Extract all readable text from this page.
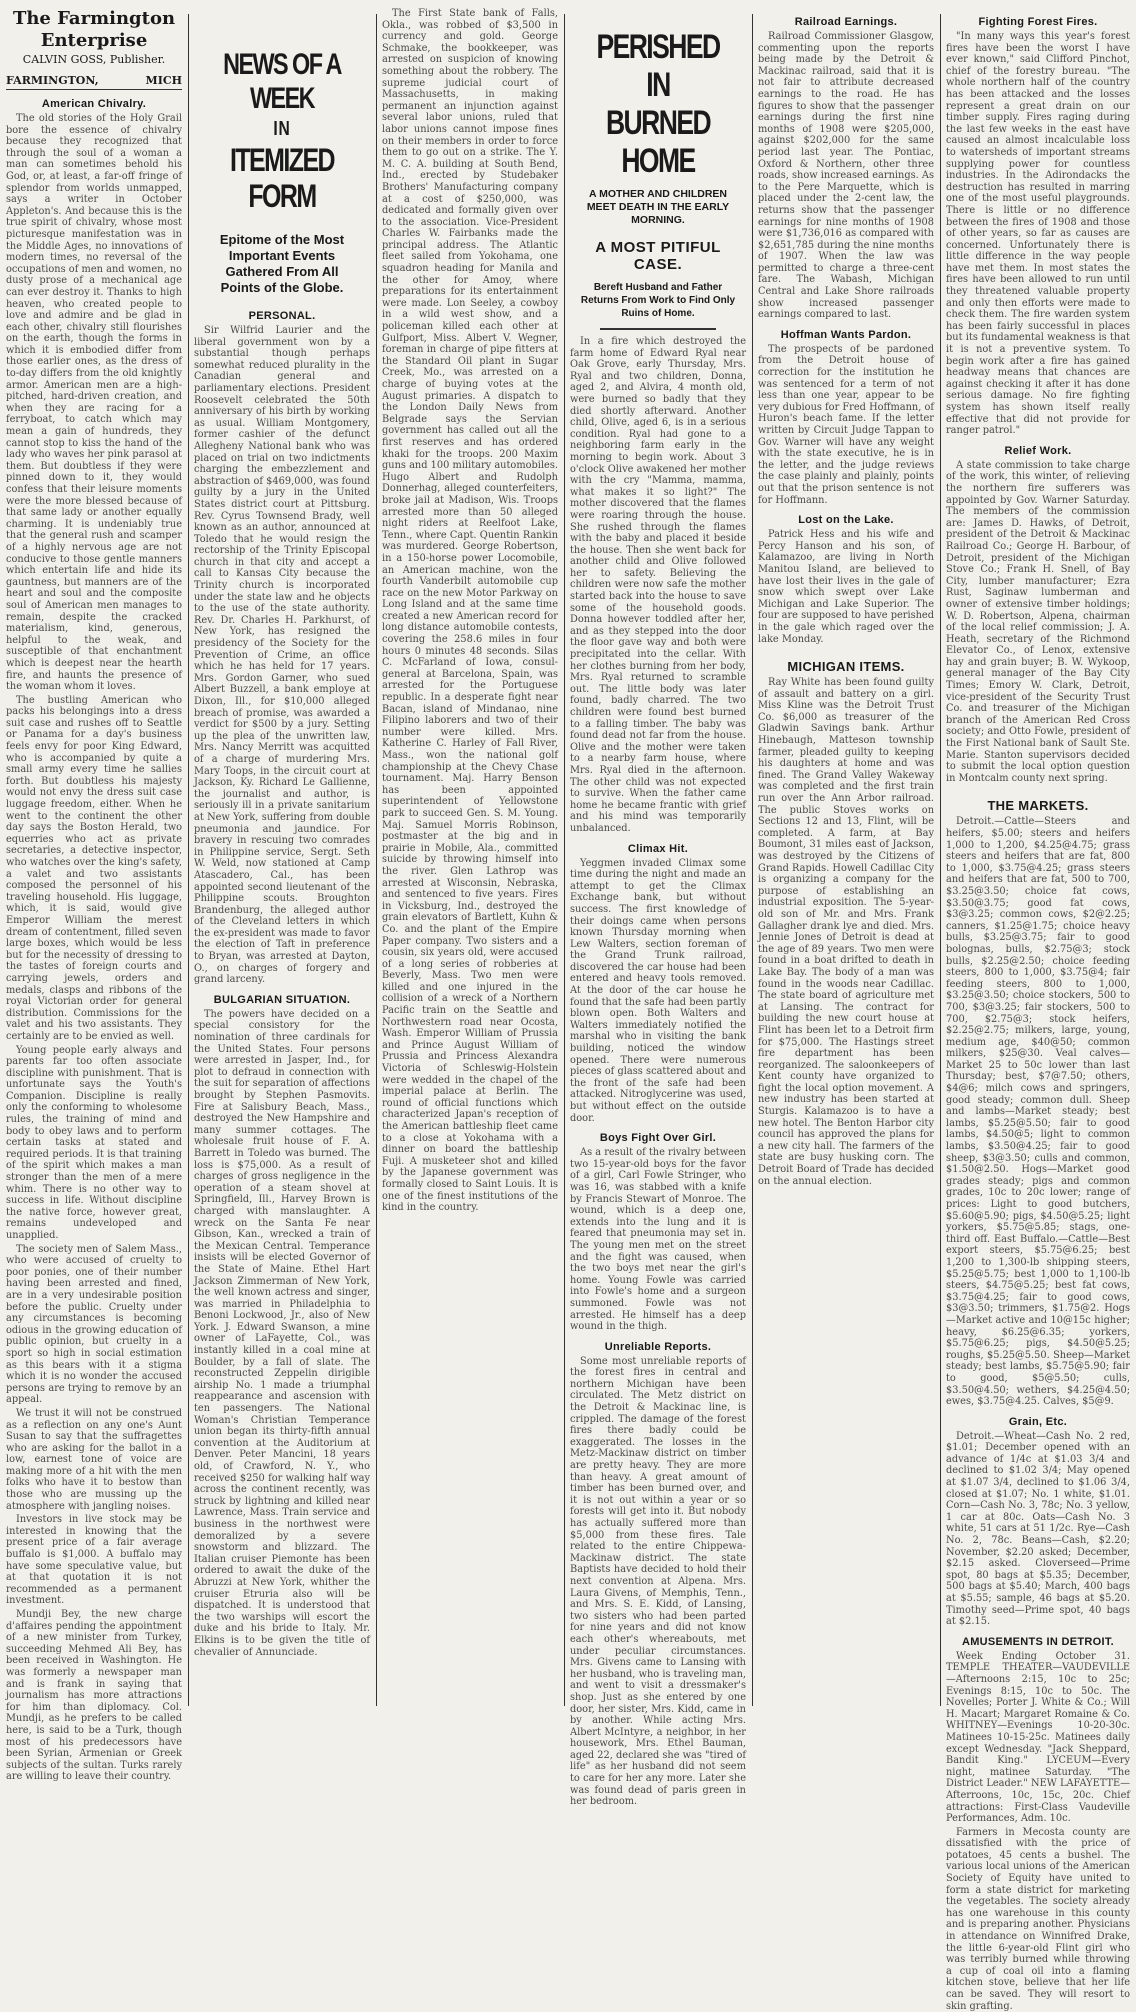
The Farmington Enterprise
CALVIN GOSS, Publisher.
FARMINGTON,	MICH
American Chivalry.

The old stories of the Holy Grail bore the essence of chivalry because they recognized that through the soul of a woman a man can sometimes behold his God, or, at least, a far-off fringe of splendor from worlds unmapped, says a writer in October Appleton's. And because this is the true spirit of chivalry, whose most picturesque manifestation was in the Middle Ages, no innovations of modern times, no reversal of the occupations of men and women, no dusty prose of a mechanical age can ever destroy it. Thanks to high heaven, who created people to love and admire and be glad in each other, chivalry still flourishes on the earth, though the forms in which it is embodied differ from those earlier ones, as the dress of to-day differs from the old knightly armor. American men are a high-pitched, hard-driven creation, and when they are racing for a ferryboat, to catch which may mean a gain of hundreds, they cannot stop to kiss the hand of the lady who waves her pink parasol at them. But doubtless if they were pinned down to it, they would confess that their leisure moments were the more blessed because of that same lady or another equally charming. It is undeniably true that the general rush and scamper of a highly nervous age are not conducive to those gentle manners which entertain life and hide its gauntness, but manners are of the heart and soul and the composite soul of American men manages to remain, despite the cracked materialism, kind, generous, helpful to the weak, and susceptible of that enchantment which is deepest near the hearth fire, and haunts the presence of the woman whom it loves.

The bustling American who packs his belongings into a dress suit case and rushes off to Seattle or Panama for a day's business feels envy for poor King Edward, who is accompanied by quite a small army every time he sallies forth. But doubtless his majesty would not envy the dress suit case luggage freedom, either. When he went to the continent the other day says the Boston Herald, two equerries who act as private secretaries, a detective inspector, who watches over the king's safety, a valet and two assistants composed the personnel of his traveling household. His luggage, which, it is said, would give Emperor William the merest dream of contentment, filled seven large boxes, which would be less but for the necessity of dressing to the tastes of foreign courts and carrying jewels, orders and medals, clasps and ribbons of the royal Victorian order for general distribution. Commissions for the valet and his two assistants. They certainly are to be envied as well.

Young people early always and parents far too often associate discipline with punishment. That is unfortunate says the Youth's Companion. Discipline is really only the conforming to wholesome rules, the training of mind and body to obey laws and to perform certain tasks at stated and required periods. It is that training of the spirit which makes a man stronger than the men of a mere whim. There is no other way to success in life. Without discipline the native force, however great, remains undeveloped and unapplied.

The society men of Salem Mass., who were accused of cruelty to poor ponies, one of their number having been arrested and fined, are in a very undesirable position before the public. Cruelty under any circumstances is becoming odious in the growing education of public opinion, but cruelty in a sport so high in social estimation as this bears with it a stigma which it is no wonder the accused persons are trying to remove by an appeal.

We trust it will not be construed as a reflection on any one's Aunt Susan to say that the suffragettes who are asking for the ballot in a low, earnest tone of voice are making more of a hit with the men folks who have it to bestow than those who are mussing up the atmosphere with jangling noises.

Investors in live stock may be interested in knowing that the present price of a fair average buffalo is $1,000. A buffalo may have some speculative value, but at that quotation it is not recommended as a permanent investment.

Mundji Bey, the new charge d'affaires pending the appointment of a new minister from Turkey, succeeding Mehmed Ali Bey, has been received in Washington. He was formerly a newspaper man and is frank in saying that journalism has more attractions for him than diplomacy. Col. Mundji, as he prefers to be called here, is said to be a Turk, though most of his predecessors have been Syrian, Armenian or Greek subjects of the sultan. Turks rarely are willing to leave their country.

NEWS OF A WEEK
IN
ITEMIZED FORM
Epitome of the Most Important Events Gathered From All Points of the Globe.
PERSONAL.

Sir Wilfrid Laurier and the liberal government won by a substantial though perhaps somewhat reduced plurality in the Canadian general and parliamentary elections. President Roosevelt celebrated the 50th anniversary of his birth by working as usual. William Montgomery, former cashier of the defunct Allegheny National bank who was placed on trial on two indictments charging the embezzlement and abstraction of $469,000, was found guilty by a jury in the United States district court at Pittsburg. Rev. Cyrus Townsend Brady, well known as an author, announced at Toledo that he would resign the rectorship of the Trinity Episcopal church in that city and accept a call to Kansas City because the Trinity church is incorporated under the state law and he objects to the use of the state authority. Rev. Dr. Charles H. Parkhurst, of New York, has resigned the presidency of the Society for the Prevention of Crime, an office which he has held for 17 years. Mrs. Gordon Garner, who sued Albert Buzzell, a bank employe at Dixon, Ill., for $10,000 alleged breach of promise, was awarded a verdict for $500 by a jury. Setting up the plea of the unwritten law, Mrs. Nancy Merritt was acquitted of a charge of murdering Mrs. Mary Toops, in the circuit court at Jackson, Ky. Richard Le Gallienne, the journalist and author, is seriously ill in a private sanitarium at New York, suffering from double pneumonia and jaundice. For bravery in rescuing two comrades in Philippine service, Sergt. Seth W. Weld, now stationed at Camp Atascadero, Cal., has been appointed second lieutenant of the Philippine scouts. Broughton Brandenburg, the alleged author of the Cleveland letters in which the ex-president was made to favor the election of Taft in preference to Bryan, was arrested at Dayton, O., on charges of forgery and grand larceny.

BULGARIAN SITUATION.

The powers have decided on a special consistory for the nomination of three cardinals for the United States. Four persons were arrested in Jasper, Ind., for plot to defraud in connection with the suit for separation of affections brought by Stephen Pasmovits. Fire at Salisbury Beach, Mass., destroyed the New Hampshire and many summer cottages. The wholesale fruit house of F. A. Barrett in Toledo was burned. The loss is $75,000. As a result of charges of gross negligence in the operation of a steam shovel at Springfield, Ill., Harvey Brown is charged with manslaughter. A wreck on the Santa Fe near Gibson, Kan., wrecked a train of the Mexican Central. Temperance insists will be elected Governor of the State of Maine. Ethel Hart Jackson Zimmerman of New York, the well known actress and singer, was married in Philadelphia to Benoni Lockwood, Jr., also of New York. J. Edward Swanson, a mine owner of LaFayette, Col., was instantly killed in a coal mine at Boulder, by a fall of slate. The reconstructed Zeppelin dirigible airship No. 1 made a triumphal reappearance and ascension with ten passengers. The National Woman's Christian Temperance union began its thirty-fifth annual convention at the Auditorium at Denver. Peter Mancini, 18 years old, of Crawford, N. Y., who received $250 for walking half way across the continent recently, was struck by lightning and killed near Lawrence, Mass. Train service and business in the northwest were demoralized by a severe snowstorm and blizzard. The Italian cruiser Piemonte has been ordered to await the duke of the Abruzzi at New York, whither the cruiser Etruria also will be dispatched. It is understood that the two warships will escort the duke and his bride to Italy. Mr. Elkins is to be given the title of chevalier of Annunciade.

The First State bank of Falls, Okla., was robbed of $3,500 in currency and gold. George Schmake, the bookkeeper, was arrested on suspicion of knowing something about the robbery. The supreme judicial court of Massachusetts, in making permanent an injunction against several labor unions, ruled that labor unions cannot impose fines on their members in order to force them to go out on a strike. The Y. M. C. A. building at South Bend, Ind., erected by Studebaker Brothers' Manufacturing company at a cost of $250,000, was dedicated and formally given over to the association. Vice-President Charles W. Fairbanks made the principal address. The Atlantic fleet sailed from Yokohama, one squadron heading for Manila and the other for Amoy, where preparations for its entertainment were made. Lon Seeley, a cowboy in a wild west show, and a policeman killed each other at Gulfport, Miss. Albert V. Wegner, foreman in charge of pipe fitters at the Standard Oil plant in Sugar Creek, Mo., was arrested on a charge of buying votes at the August primaries. A dispatch to the London Daily News from Belgrade says the Servian government has called out all the first reserves and has ordered khaki for the troops. 200 Maxim guns and 100 military automobiles. Hugo Albert and Rudolph Donnerhag, alleged counterfeiters, broke jail at Madison, Wis. Troops arrested more than 50 alleged night riders at Reelfoot Lake, Tenn., where Capt. Quentin Rankin was murdered. George Robertson, in a 150-horse power Locomobile, an American machine, won the fourth Vanderbilt automobile cup race on the new Motor Parkway on Long Island and at the same time created a new American record for long distance automobile contests, covering the 258.6 miles in four hours 0 minutes 48 seconds. Silas C. McFarland of Iowa, consul-general at Barcelona, Spain, was arrested for the Portuguese republic. In a desperate fight near Bacan, island of Mindanao, nine Filipino laborers and two of their number were killed. Mrs. Katherine C. Harley of Fall River, Mass., won the national golf championship at the Chevy Chase tournament. Maj. Harry Benson has been appointed superintendent of Yellowstone park to succeed Gen. S. M. Young. Maj. Samuel Morris Robinson, postmaster at the big and in prairie in Mobile, Ala., committed suicide by throwing himself into the river. Glen Lathrop was arrested at Wisconsin, Nebraska, and sentenced to five years. Fires in Vicksburg, Ind., destroyed the grain elevators of Bartlett, Kuhn & Co. and the plant of the Empire Paper company. Two sisters and a cousin, six years old, were accused of a long series of robberies at Beverly, Mass. Two men were killed and one injured in the collision of a wreck of a Northern Pacific train on the Seattle and Northwestern road near Ocosta, Wash. Emperor William of Prussia and Prince August William of Prussia and Princess Alexandra Victoria of Schleswig-Holstein were wedded in the chapel of the imperial palace at Berlin. The round of official functions which characterized Japan's reception of the American battleship fleet came to a close at Yokohama with a dinner on board the battleship Fuji. A musketeer shot and killed by the Japanese government was formally closed to Saint Louis. It is one of the finest institutions of the kind in the country.

PERISHED IN
BURNED HOME
A MOTHER AND CHILDREN MEET DEATH IN THE EARLY MORNING.
A MOST PITIFUL CASE.
Bereft Husband and Father Returns From Work to Find Only Ruins of Home.

In a fire which destroyed the farm home of Edward Ryal near Oak Grove, early Thursday, Mrs. Ryal and two children, Donna, aged 2, and Alvira, 4 month old, were burned so badly that they died shortly afterward. Another child, Olive, aged 6, is in a serious condition. Ryal had gone to a neighboring farm early in the morning to begin work. About 3 o'clock Olive awakened her mother with the cry "Mamma, mamma, what makes it so light?" The mother discovered that the flames were roaring through the house. She rushed through the flames with the baby and placed it beside the house. Then she went back for another child and Olive followed her to safety. Believing the children were now safe the mother started back into the house to save some of the household goods. Donna however toddled after her, and as they stepped into the door the floor gave way and both were precipitated into the cellar. With her clothes burning from her body, Mrs. Ryal returned to scramble out. The little body was later found, badly charred. The two children were found best burned to a falling timber. The baby was found dead not far from the house. Olive and the mother were taken to a nearby farm house, where Mrs. Ryal died in the afternoon. The other child was not expected to survive. When the father came home he became frantic with grief and his mind was temporarily unbalanced.

Climax Hit.

Yeggmen invaded Climax some time during the night and made an attempt to get the Climax Exchange bank, but without success. The first knowledge of their doings came when persons known Thursday morning when Lew Walters, section foreman of the Grand Trunk railroad, discovered the car house had been entered and heavy tools removed. At the door of the car house he found that the safe had been partly blown open. Both Walters and Walters immediately notified the marshal who in visiting the bank building, noticed the window opened. There were numerous pieces of glass scattered about and the front of the safe had been attacked. Nitroglycerine was used, but without effect on the outside door.

Boys Fight Over Girl.

As a result of the rivalry between two 15-year-old boys for the favor of a girl, Carl Fowle Stringer, who was 16, was stabbed with a knife by Francis Stewart of Monroe. The wound, which is a deep one, extends into the lung and it is feared that pneumonia may set in. The young men met on the street and the fight was caused, when the two boys met near the girl's home. Young Fowle was carried into Fowle's home and a surgeon summoned. Fowle was not arrested. He himself has a deep wound in the thigh.

Unreliable Reports.

Some most unreliable reports of the forest fires in central and northern Michigan have been circulated. The Metz district on the Detroit & Mackinac line, is crippled. The damage of the forest fires there badly could be exaggerated. The losses in the Metz-Mackinaw district on timber are pretty heavy. They are more than heavy. A great amount of timber has been burned over, and it is not out within a year or so forests will get into it. But nobody has actually suffered more than $5,000 from these fires. Tale related to the entire Chippewa-Mackinaw district. The state Baptists have decided to hold their next convention at Alpena. Mrs. Laura Givens, of Memphis, Tenn., and Mrs. S. E. Kidd, of Lansing, two sisters who had been parted for nine years and did not know each other's whereabouts, met under peculiar circumstances. Mrs. Givens came to Lansing with her husband, who is traveling man, and went to visit a dressmaker's shop. Just as she entered by one door, her sister, Mrs. Kidd, came in by another. While acting Mrs. Albert McIntyre, a neighbor, in her housework, Mrs. Ethel Bauman, aged 22, declared she was "tired of life" as her husband did not seem to care for her any more. Later she was found dead of paris green in her bedroom.

Railroad Earnings.

Railroad Commissioner Glasgow, commenting upon the reports being made by the Detroit & Mackinac railroad, said that it is not fair to attribute decreased earnings to the road. He has figures to show that the passenger earnings during the first nine months of 1908 were $205,000, against $202,000 for the same period last year. The Pontiac, Oxford & Northern, other three roads, show increased earnings. As to the Pere Marquette, which is placed under the 2-cent law, the returns show that the passenger earnings for nine months of 1908 were $1,736,016 as compared with $2,651,785 during the nine months of 1907. When the law was permitted to charge a three-cent fare. The Wabash, Michigan Central and Lake Shore railroads show increased passenger earnings compared to last.

Hoffman Wants Pardon.

The prospects of be pardoned from the Detroit house of correction for the institution he was sentenced for a term of not less than one year, appear to be very dubious for Fred Hoffmann, of Huron's beach fame. If the letter written by Circuit Judge Tappan to Gov. Warner will have any weight with the state executive, he is in the letter, and the judge reviews the case plainly and plainly, points out that the prison sentence is not for Hoffmann.

Lost on the Lake.

Patrick Hess and his wife and Percy Hanson and his son, of Kalamazoo, are living in North Manitou Island, are believed to have lost their lives in the gale of snow which swept over Lake Michigan and Lake Superior. The four are supposed to have perished in the gale which raged over the lake Monday.

MICHIGAN ITEMS.

Ray White has been found guilty of assault and battery on a girl. Miss Kline was the Detroit Trust Co. $6,000 as treasurer of the Gladwin Savings bank. Arthur Hinebaugh, Matteson township farmer, pleaded guilty to keeping his daughters at home and was fined. The Grand Valley Wakeway was completed and the first train run over the Ann Arbor railroad. The public Stoves works on Sections 12 and 13, Flint, will be completed. A farm, at Bay Boumont, 31 miles east of Jackson, was destroyed by the Citizens of Grand Rapids. Howell Cadillac City is organizing a company for the purpose of establishing an industrial exposition. The 5-year-old son of Mr. and Mrs. Frank Gallagher drank lye and died. Mrs. Jennie Jones of Detroit is dead at the age of 89 years. Two men were found in a boat drifted to death in Lake Bay. The body of a man was found in the woods near Cadillac. The state board of agriculture met at Lansing. The contract for building the new court house at Flint has been let to a Detroit firm for $75,000. The Hastings street fire department has been reorganized. The saloonkeepers of Kent county have organized to fight the local option movement. A new industry has been started at Sturgis. Kalamazoo is to have a new hotel. The Benton Harbor city council has approved the plans for a new city hall. The farmers of the state are busy husking corn. The Detroit Board of Trade has decided on the annual election.

Fighting Forest Fires.

"In many ways this year's forest fires have been the worst I have ever known," said Clifford Pinchot, chief of the forestry bureau. "The whole northern half of the country has been attacked and the losses represent a great drain on our timber supply. Fires raging during the last few weeks in the east have caused an almost incalculable loss to watersheds of important streams supplying power for countless industries. In the Adirondacks the destruction has resulted in marring one of the most useful playgrounds. There is little or no difference between the fires of 1908 and those of other years, so far as causes are concerned. Unfortunately there is little difference in the way people have met them. In most states the fires have been allowed to run until they threatened valuable property and only then efforts were made to check them. The fire warden system has been fairly successful in places but its fundamental weakness is that it is not a preventive system. To begin work after a fire has gained headway means that chances are against checking it after it has done serious damage. No fire fighting system has shown itself really effective that did not provide for ranger patrol."

Relief Work.

A state commission to take charge of the work, this winter, of relieving the northern fire sufferers was appointed by Gov. Warner Saturday. The members of the commission are: James D. Hawks, of Detroit, president of the Detroit & Mackinac Railroad Co.; George H. Barbour, of Detroit, president of the Michigan Stove Co.; Frank H. Snell, of Bay City, lumber manufacturer; Ezra Rust, Saginaw lumberman and owner of extensive timber holdings; W. D. Robertson, Alpena, chairman of the local relief commission; J. A. Heath, secretary of the Richmond Elevator Co., of Lenox, extensive hay and grain buyer; B. W. Wykoop, general manager of the Bay City Times; Emory W. Clark, Detroit, vice-president of the Security Trust Co. and treasurer of the Michigan branch of the American Red Cross society; and Otto Fowle, president of the First National bank of Sault Ste. Marie. Stanton supervisors decided to submit the local option question in Montcalm county next spring.

THE MARKETS.

Detroit.—Cattle—Steers and heifers, $5.00; steers and heifers 1,000 to 1,200, $4.25@4.75; grass steers and heifers that are fat, 800 to 1,000, $3.75@4.25; grass steers and heifers that are fat, 500 to 700, $3.25@3.50; choice fat cows, $3.50@3.75; good fat cows, $3@3.25; common cows, $2@2.25; canners, $1.25@1.75; choice heavy bulls, $3.25@3.75; fair to good bolognas, bulls, $2.75@3; stock bulls, $2.25@2.50; choice feeding steers, 800 to 1,000, $3.75@4; fair feeding steers, 800 to 1,000, $3.25@3.50; choice stockers, 500 to 700, $3@3.25; fair stockers, 500 to 700, $2.75@3; stock heifers, $2.25@2.75; milkers, large, young, medium age, $40@50; common milkers, $25@30. Veal calves—Market 25 to 50c lower than last Thursday; best, $7@7.50; others, $4@6; milch cows and springers, good steady; common dull. Sheep and lambs—Market steady; best lambs, $5.25@5.50; fair to good lambs, $4.50@5; light to common lambs, $3.50@4.25; fair to good sheep, $3@3.50; culls and common, $1.50@2.50. Hogs—Market good grades steady; pigs and common grades, 10c to 20c lower; range of prices: Light to good butchers, $5.60@5.90; pigs, $4.50@5.25; light yorkers, $5.75@5.85; stags, one-third off. East Buffalo.—Cattle—Best export steers, $5.75@6.25; best 1,200 to 1,300-lb shipping steers, $5.25@5.75; best 1,000 to 1,100-lb steers, $4.75@5.25; best fat cows, $3.75@4.25; fair to good cows, $3@3.50; trimmers, $1.75@2. Hogs—Market active and 10@15c higher; heavy, $6.25@6.35; yorkers, $5.75@6.25; pigs, $4.50@5.25; roughs, $5.25@5.50. Sheep—Market steady; best lambs, $5.75@5.90; fair to good, $5@5.50; culls, $3.50@4.50; wethers, $4.25@4.50; ewes, $3.75@4.25. Calves, $5@9.

Grain, Etc.

Detroit.—Wheat—Cash No. 2 red, $1.01; December opened with an advance of 1/4c at $1.03 3/4 and declined to $1.02 3/4; May opened at $1.07 3/4, declined to $1.06 3/4, closed at $1.07; No. 1 white, $1.01. Corn—Cash No. 3, 78c; No. 3 yellow, 1 car at 80c. Oats—Cash No. 3 white, 51 cars at 51 1/2c. Rye—Cash No. 2, 78c. Beans—Cash, $2.20; November, $2.20 asked; December, $2.15 asked. Cloverseed—Prime spot, 80 bags at $5.35; December, 500 bags at $5.40; March, 400 bags at $5.55; sample, 46 bags at $5.20. Timothy seed—Prime spot, 40 bags at $2.15.

AMUSEMENTS IN DETROIT.

Week Ending October 31. TEMPLE THEATER—VAUDEVILLE—Afternoons 2:15, 10c to 25c; Evenings 8:15, 10c to 50c. The Novelles; Porter J. White & Co.; Will H. Macart; Margaret Romaine & Co. WHITNEY—Evenings 10-20-30c. Matinees 10-15-25c. Matinees daily except Wednesday. "Jack Sheppard, Bandit King." LYCEUM—Every night, matinee Saturday. "The District Leader." NEW LAFAYETTE—Afterroons, 10c, 15c, 20c. Chief attractions: First-Class Vaudeville Performances, Adm. 10c.

Farmers in Mecosta county are dissatisfied with the price of potatoes, 45 cents a bushel. The various local unions of the American Society of Equity have united to form a state district for marketing the vegetables. The society already has one warehouse in this county and is preparing another. Physicians in attendance on Winnifred Drake, the little 6-year-old Flint girl who was terribly burned while throwing a cup of coal oil into a flaming kitchen stove, believe that her life can be saved. They will resort to skin grafting.
